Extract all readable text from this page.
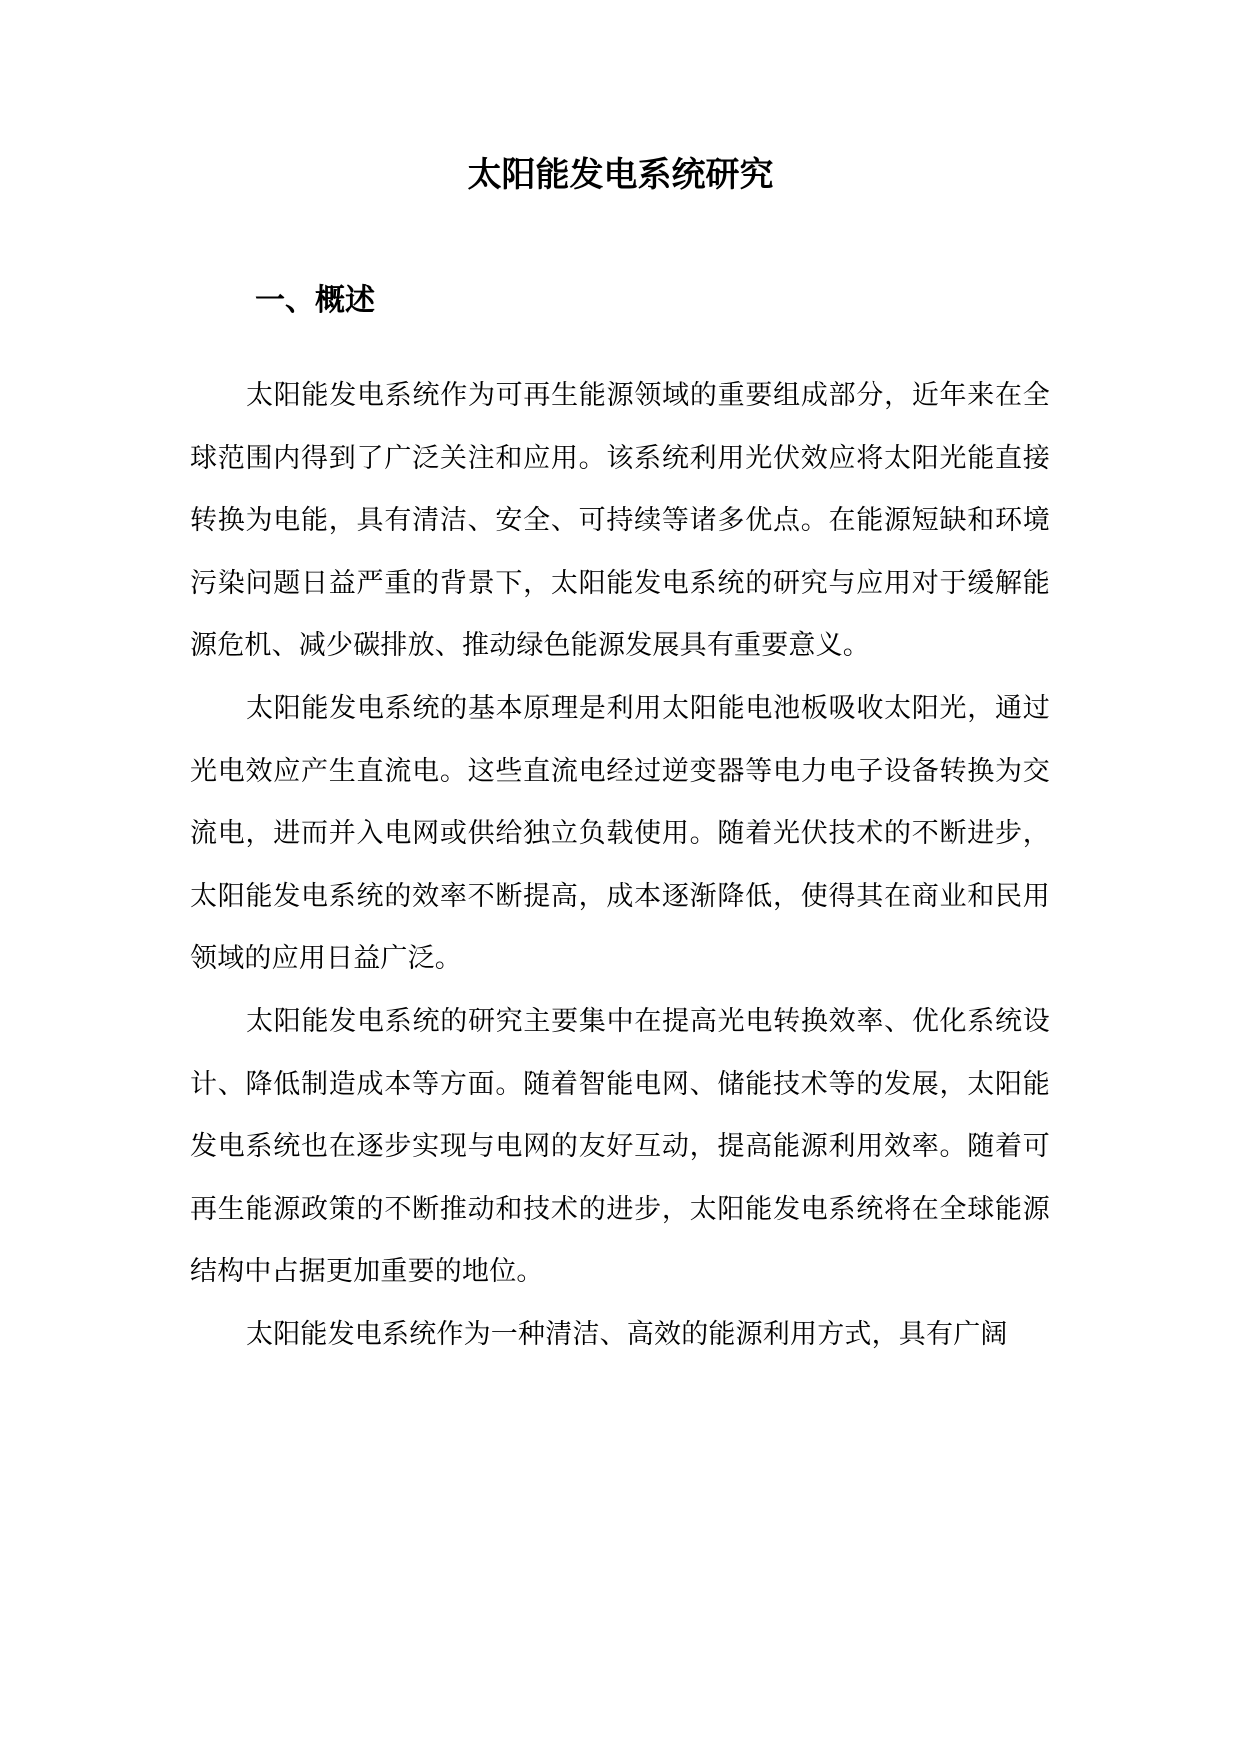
太阳能发电系统研究
一、概述

太阳能发电系统作为可再生能源领域的重要组成部分，近年来在全球范围内得到了广泛关注和应用。该系统利用光伏效应将太阳光能直接转换为电能，具有清洁、安全、可持续等诸多优点。在能源短缺和环境污染问题日益严重的背景下，太阳能发电系统的研究与应用对于缓解能源危机、减少碳排放、推动绿色能源发展具有重要意义。

太阳能发电系统的基本原理是利用太阳能电池板吸收太阳光，通过光电效应产生直流电。这些直流电经过逆变器等电力电子设备转换为交流电，进而并入电网或供给独立负载使用。随着光伏技术的不断进步，太阳能发电系统的效率不断提高，成本逐渐降低，使得其在商业和民用领域的应用日益广泛。

太阳能发电系统的研究主要集中在提高光电转换效率、优化系统设计、降低制造成本等方面。随着智能电网、储能技术等的发展，太阳能发电系统也在逐步实现与电网的友好互动，提高能源利用效率。随着可再生能源政策的不断推动和技术的进步，太阳能发电系统将在全球能源结构中占据更加重要的地位。

太阳能发电系统作为一种清洁、高效的能源利用方式，具有广阔
